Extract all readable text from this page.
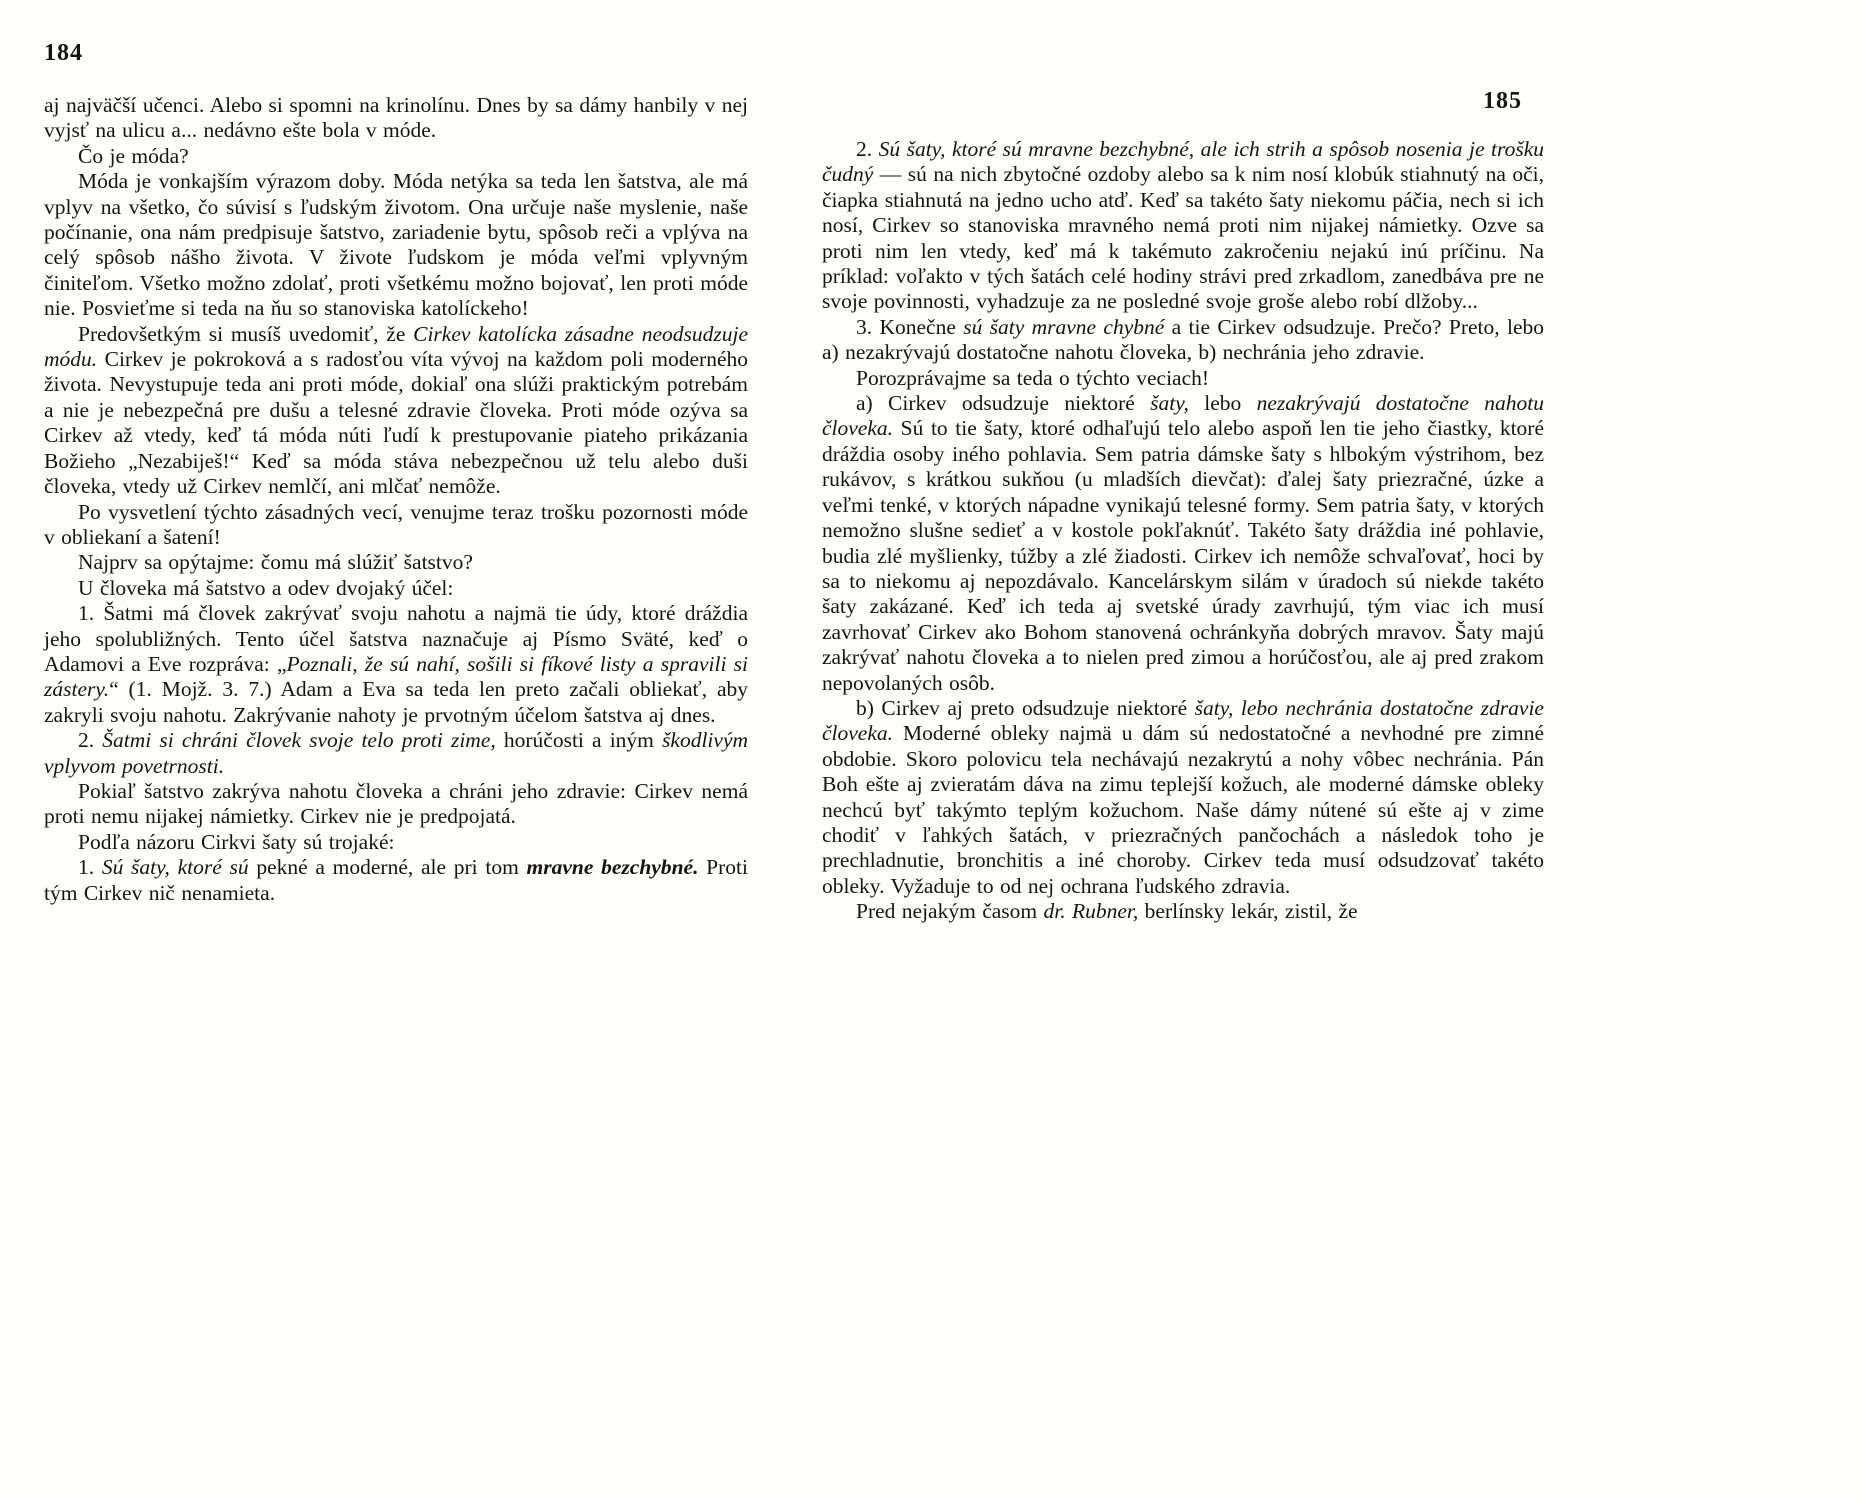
184

aj najväčší učenci. Alebo si spomni na krinolínu. Dnes by sa dámy hanbily v nej vyjsť na ulicu a... nedávno ešte bola v móde.

Čo je móda?

Móda je vonkajším výrazom doby. Móda netýka sa teda len šatstva, ale má vplyv na všetko, čo súvisí s ľudským životom. Ona určuje naše myslenie, naše počínanie, ona nám predpisuje šatstvo, zariadenie bytu, spôsob reči a vplýva na celý spôsob nášho života. V živote ľudskom je móda veľmi vplyvným činiteľom. Všetko možno zdolať, proti všetkému možno bojovať, len proti móde nie. Posvieťme si teda na ňu so stanoviska katolíckeho!

Predovšetkým si musíš uvedomiť, že Cirkev katolícka zásadne neodsudzuje módu. Cirkev je pokroková a s radosťou víta vývoj na každom poli moderného života. Nevystupuje teda ani proti móde, dokiaľ ona slúži praktickým potrebám a nie je nebezpečná pre dušu a telesné zdravie človeka. Proti móde ozýva sa Cirkev až vtedy, keď tá móda núti ľudí k prestupovanie piateho prikázania Božieho „Nezabiješ!“ Keď sa móda stáva nebezpečnou už telu alebo duši človeka, vtedy už Cirkev nemlčí, ani mlčať nemôže.

Po vysvetlení týchto zásadných vecí, venujme teraz trošku pozornosti móde v obliekaní a šatení!

Najprv sa opýtajme: čomu má slúžiť šatstvo?

U človeka má šatstvo a odev dvojaký účel:

1. Šatmi má človek zakrývať svoju nahotu a najmä tie údy, ktoré dráždia jeho spolubližných. Tento účel šatstva naznačuje aj Písmo Sväté, keď o Adamovi a Eve rozpráva: „Poznali, že sú nahí, sošili si fíkové listy a spravili si zástery.“ (1. Mojž. 3. 7.) Adam a Eva sa teda len preto začali obliekať, aby zakryli svoju nahotu. Zakrývanie nahoty je prvotným účelom šatstva aj dnes.

2. Šatmi si chráni človek svoje telo proti zime, horúčosti a iným škodlivým vplyvom povetrnosti.

Pokiaľ šatstvo zakrýva nahotu človeka a chráni jeho zdravie: Cirkev nemá proti nemu nijakej námietky. Cirkev nie je predpojatá.

Podľa názoru Cirkvi šaty sú trojaké:

1. Sú šaty, ktoré sú pekné a moderné, ale pri tom mravne bezchybné. Proti tým Cirkev nič nenamieta.

185

2. Sú šaty, ktoré sú mravne bezchybné, ale ich strih a spôsob nosenia je trošku čudný — sú na nich zbytočné ozdoby alebo sa k nim nosí klobúk stiahnutý na oči, čiapka stiahnutá na jedno ucho atď. Keď sa takéto šaty niekomu páčia, nech si ich nosí, Cirkev so stanoviska mravného nemá proti nim nijakej námietky. Ozve sa proti nim len vtedy, keď má k takémuto zakročeniu nejakú inú príčinu. Na príklad: voľakto v tých šatách celé hodiny strávi pred zrkadlom, zanedbáva pre ne svoje povinnosti, vyhadzuje za ne posledné svoje groše alebo robí dlžoby...

3. Konečne sú šaty mravne chybné a tie Cirkev odsudzuje. Prečo? Preto, lebo a) nezakrývajú dostatočne nahotu človeka, b) nechránia jeho zdravie.

Porozprávajme sa teda o týchto veciach!

a) Cirkev odsudzuje niektoré šaty, lebo nezakrývajú dostatočne nahotu človeka. Sú to tie šaty, ktoré odhaľujú telo alebo aspoň len tie jeho čiastky, ktoré dráždia osoby iného pohlavia. Sem patria dámske šaty s hlbokým výstrihom, bez rukávov, s krátkou sukňou (u mladších dievčat): ďalej šaty priezračné, úzke a veľmi tenké, v ktorých nápadne vynikajú telesné formy. Sem patria šaty, v ktorých nemožno slušne sedieť a v kostole pokľaknúť. Takéto šaty dráždia iné pohlavie, budia zlé myšlienky, túžby a zlé žiadosti. Cirkev ich nemôže schvaľovať, hoci by sa to niekomu aj nepozdávalo. Kancelárskym silám v úradoch sú niekde takéto šaty zakázané. Keď ich teda aj svetské úrady zavrhujú, tým viac ich musí zavrhovať Cirkev ako Bohom stanovená ochránkyňa dobrých mravov. Šaty majú zakrývať nahotu človeka a to nielen pred zimou a horúčosťou, ale aj pred zrakom nepovolaných osôb.

b) Cirkev aj preto odsudzuje niektoré šaty, lebo nechránia dostatočne zdravie človeka. Moderné obleky najmä u dám sú nedostatočné a nevhodné pre zimné obdobie. Skoro polovicu tela nechávajú nezakrytú a nohy vôbec nechránia. Pán Boh ešte aj zvieratám dáva na zimu teplejší kožuch, ale moderné dámske obleky nechcú byť takýmto teplým kožuchom. Naše dámy nútené sú ešte aj v zime chodiť v ľahkých šatách, v priezračných pančochách a následok toho je prechladnutie, bronchitis a iné choroby. Cirkev teda musí odsudzovať takéto obleky. Vyžaduje to od nej ochrana ľudského zdravia.

Pred nejakým časom dr. Rubner, berlínsky lekár, zistil, že
